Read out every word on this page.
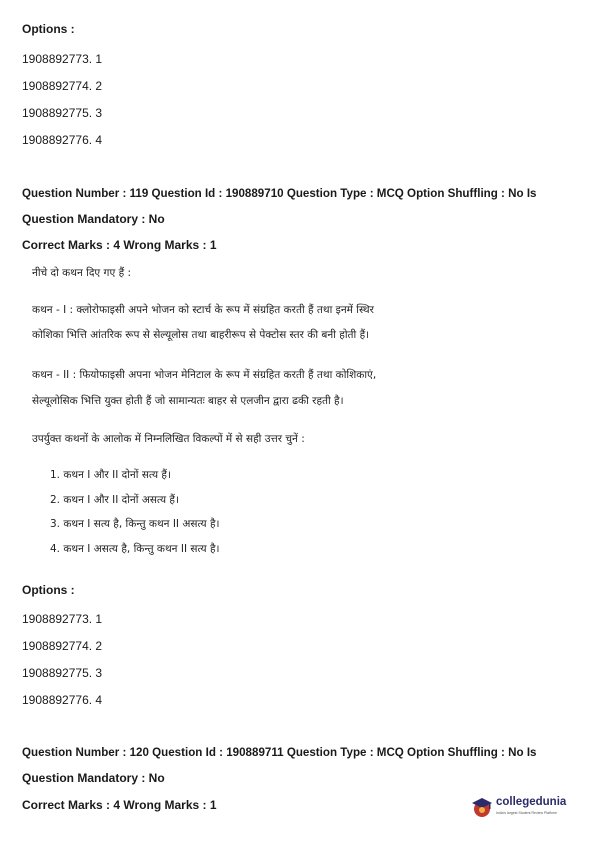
Options :
1908892773. 1
1908892774. 2
1908892775. 3
1908892776. 4
Question Number : 119 Question Id : 190889710 Question Type : MCQ Option Shuffling : No Is
Question Mandatory : No
Correct Marks : 4 Wrong Marks : 1
नीचे दो कथन दिए गए हैं :
कथन - I : क्लोरोफाइसी अपने भोजन को स्टार्च के रूप में संग्रहित करती हैं तथा इनमें स्थिर
कोशिका भित्ति आंतरिक रूप से सेल्यूलोस तथा बाहरीरूप से पेक्टोस स्तर की बनी होती हैं।
कथन - II : फियोफाइसी अपना भोजन मेनिटाल के रूप में संग्रहित करती हैं तथा कोशिकाएं,
सेल्यूलोसिक भित्ति युक्त होती हैं जो सामान्यतः बाहर से एलजीन द्वारा ढकी रहती है।
उपर्युक्त कथनों के आलोक में निम्नलिखित विकल्पों में से सही उत्तर चुनें :
1. कथन I और II दोनों सत्य हैं।
2. कथन I और II दोनों असत्य हैं।
3. कथन I सत्य है, किन्तु कथन II असत्य है।
4. कथन I असत्य है, किन्तु कथन II सत्य है।
Options :
1908892773. 1
1908892774. 2
1908892775. 3
1908892776. 4
Question Number : 120 Question Id : 190889711 Question Type : MCQ Option Shuffling : No Is
Question Mandatory : No
Correct Marks : 4 Wrong Marks : 1	collegedunia
India's largest Student Review Platform
